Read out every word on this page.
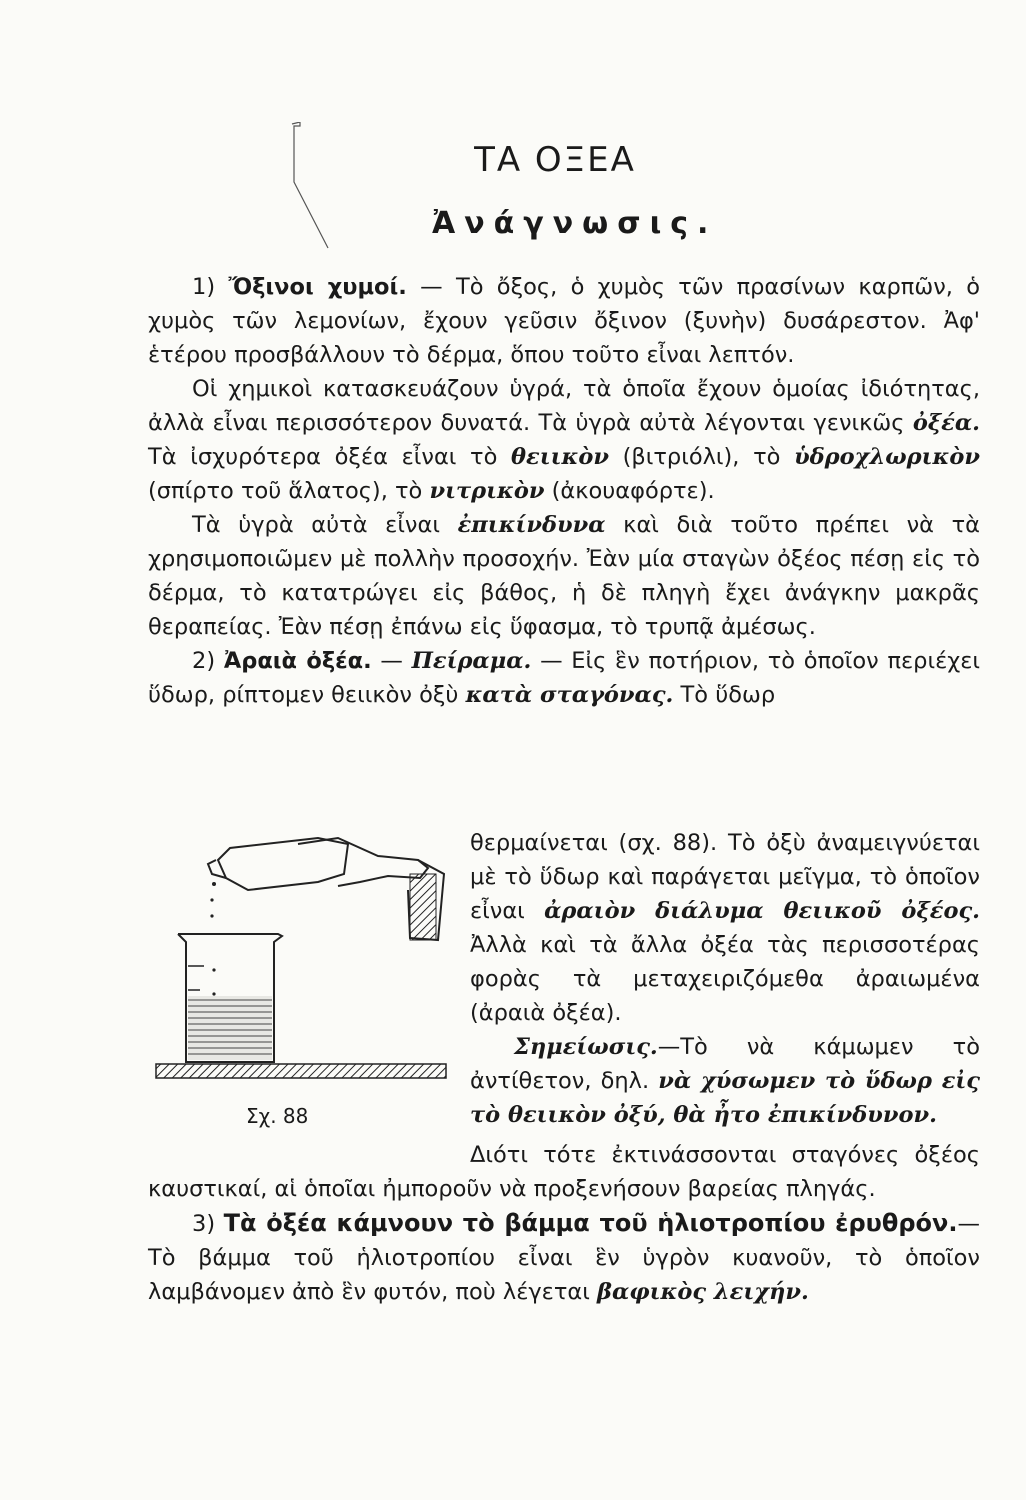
ΤΑ ΟΞΕΑ
Ἀνάγνωσις.

1) Ὄξινοι χυμοί. — Τὸ ὄξος, ὁ χυμὸς τῶν πρασίνων καρπῶν, ὁ χυμὸς τῶν λεμονίων, ἔχουν γεῦσιν ὄξινον (ξυνὴν) δυσάρεστον. Ἀφ' ἑτέρου προσβάλλουν τὸ δέρμα, ὅπου τοῦτο εἶναι λεπτόν.

Οἱ χημικοὶ κατασκευάζουν ὑγρά, τὰ ὁποῖα ἔχουν ὁμοίας ἰδιότητας, ἀλλὰ εἶναι περισσότερον δυνατά. Τὰ ὑγρὰ αὐτὰ λέγονται γενικῶς ὀξέα. Τὰ ἰσχυρότερα ὀξέα εἶναι τὸ θειικὸν (βιτριόλι), τὸ ὑδροχλωρικὸν (σπίρτο τοῦ ἅλατος), τὸ νιτρικὸν (ἀκουαφόρτε).

Τὰ ὑγρὰ αὐτὰ εἶναι ἐπικίνδυνα καὶ διὰ τοῦτο πρέπει νὰ τὰ χρησιμοποιῶμεν μὲ πολλὴν προσοχήν. Ἐὰν μία σταγὼν ὀξέος πέσῃ εἰς τὸ δέρμα, τὸ κατατρώγει εἰς βάθος, ἡ δὲ πληγὴ ἔχει ἀνάγκην μακρᾶς θεραπείας. Ἐὰν πέσῃ ἐπάνω εἰς ὕφασμα, τὸ τρυπᾷ ἀμέσως.

2) Ἀραιὰ ὀξέα. — Πείραμα. — Εἰς ἓν ποτήριον, τὸ ὁποῖον περιέχει ὕδωρ, ρίπτομεν θειικὸν ὀξὺ κατὰ σταγόνας. Τὸ ὕδωρ

Σχ. 88

θερμαίνεται (σχ. 88). Τὸ ὀξὺ ἀναμειγνύεται μὲ τὸ ὕδωρ καὶ παράγεται μεῖγμα, τὸ ὁποῖον εἶναι ἀραιὸν διάλυμα θειικοῦ ὀξέος. Ἀλλὰ καὶ τὰ ἄλλα ὀξέα τὰς περισσοτέρας φορὰς τὰ μεταχειριζόμεθα ἀραιωμένα (ἀραιὰ ὀξέα).

Σημείωσις.—Τὸ νὰ κάμωμεν τὸ ἀντίθετον, δηλ. νὰ χύσωμεν τὸ ὕδωρ εἰς τὸ θειικὸν ὀξύ, θὰ ἦτο ἐπικίνδυνον.

Διότι τότε ἐκτινάσσονται σταγόνες ὀξέος καυστικαί, αἱ ὁποῖαι ἠμποροῦν νὰ προξενήσουν βαρείας πληγάς.

3) Τὰ ὀξέα κάμνουν τὸ βάμμα τοῦ ἡλιοτροπίου ἐρυθρόν.—Τὸ βάμμα τοῦ ἡλιοτροπίου εἶναι ἓν ὑγρὸν κυανοῦν, τὸ ὁποῖον λαμβάνομεν ἀπὸ ἓν φυτόν, ποὺ λέγεται βαφικὸς λειχήν.
